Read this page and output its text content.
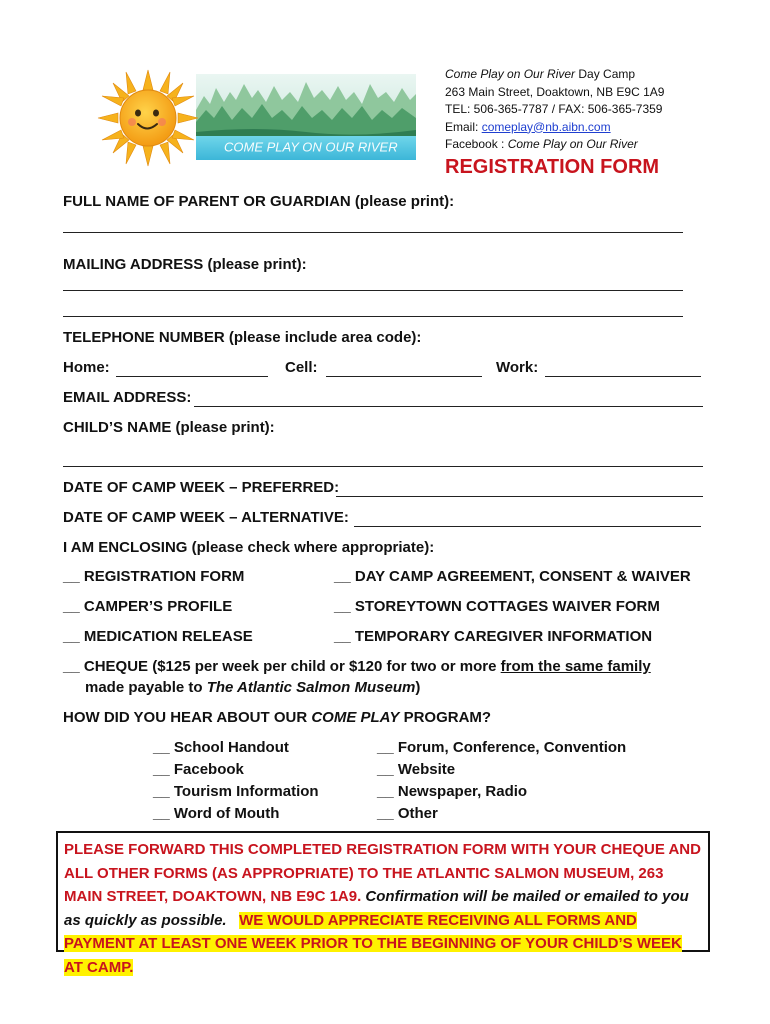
COME PLAY ON OUR RIVER
Come Play on Our River Day Camp
263 Main Street, Doaktown, NB E9C 1A9
TEL: 506-365-7787 / FAX: 506-365-7359
Email: comeplay@nb.aibn.com
Facebook : Come Play on Our River
REGISTRATION FORM
FULL NAME OF PARENT OR GUARDIAN (please print):
MAILING ADDRESS (please print):
TELEPHONE NUMBER (please include area code):
Home:	Cell:	Work:
EMAIL ADDRESS:
CHILD’S NAME (please print):
DATE OF CAMP WEEK – PREFERRED:
DATE OF CAMP WEEK – ALTERNATIVE:
I AM ENCLOSING (please check where appropriate):
__ REGISTRATION FORM	__ DAY CAMP AGREEMENT, CONSENT & WAIVER
__ CAMPER’S PROFILE	__ STOREYTOWN COTTAGES WAIVER FORM
__ MEDICATION RELEASE	__ TEMPORARY CAREGIVER INFORMATION
__ CHEQUE ($125 per week per child or $120 for two or more from the same family
made payable to The Atlantic Salmon Museum)
HOW DID YOU HEAR ABOUT OUR COME PLAY PROGRAM?
__ School Handout
__ Facebook
__ Tourism Information
__ Word of Mouth
__ Forum, Conference, Convention
__ Website
__ Newspaper, Radio
__ Other
PLEASE FORWARD THIS COMPLETED REGISTRATION FORM WITH YOUR CHEQUE AND ALL OTHER FORMS (AS APPROPRIATE) TO THE ATLANTIC SALMON MUSEUM, 263 MAIN STREET, DOAKTOWN, NB E9C 1A9. Confirmation will be mailed or emailed to you as quickly as possible. WE WOULD APPRECIATE RECEIVING ALL FORMS AND PAYMENT AT LEAST ONE WEEK PRIOR TO THE BEGINNING OF YOUR CHILD’S WEEK AT CAMP.
